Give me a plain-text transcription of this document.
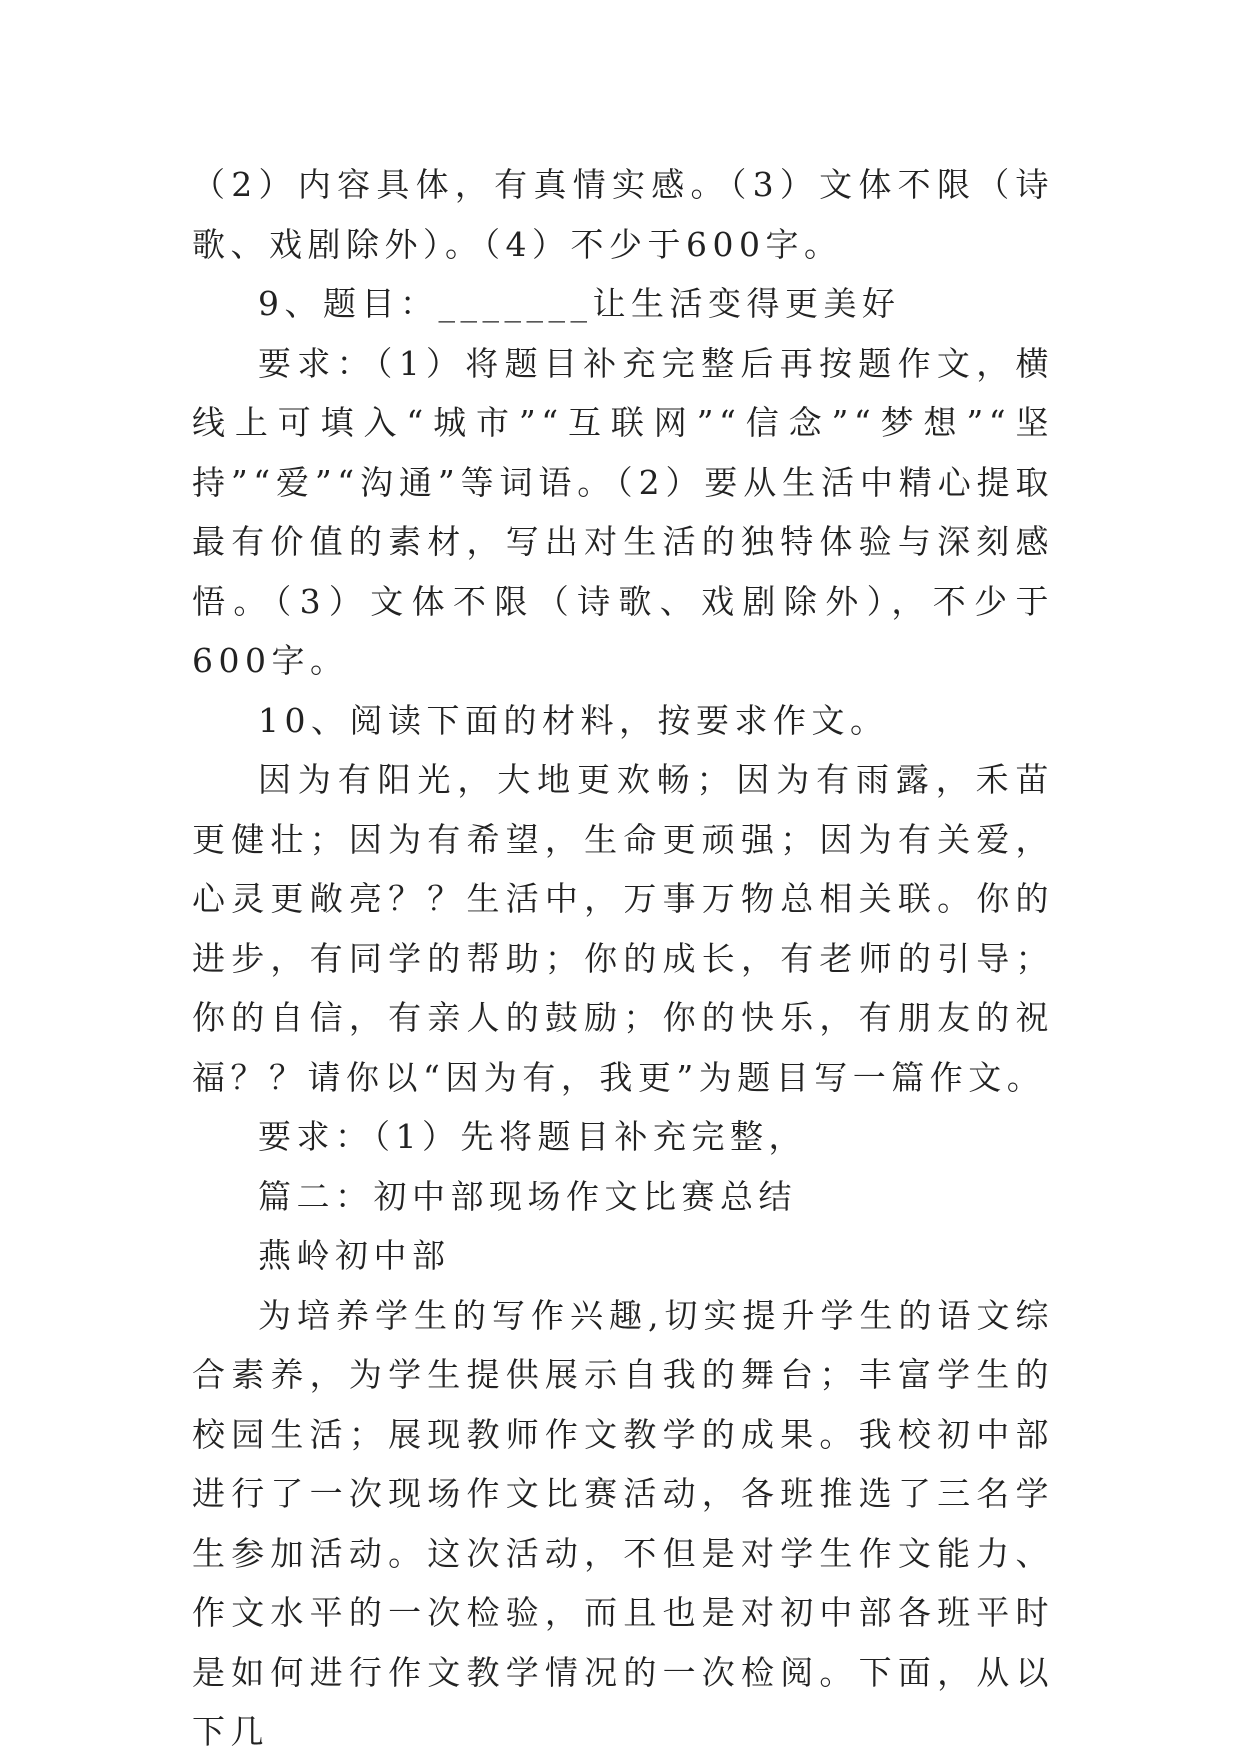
（2）内容具体，有真情实感。（3）文体不限（诗歌、戏剧除外）。（4）不少于600字。

9、题目：_______让生活变得更美好

要求：（1）将题目补充完整后再按题作文，横线上可填入“城市”“互联网”“信念”“梦想”“坚持”“爱”“沟通”等词语。（2）要从生活中精心提取最有价值的素材，写出对生活的独特体验与深刻感悟。（3）文体不限（诗歌、戏剧除外），不少于600字。

10、阅读下面的材料，按要求作文。

因为有阳光，大地更欢畅；因为有雨露，禾苗更健壮；因为有希望，生命更顽强；因为有关爱，心灵更敞亮？？生活中，万事万物总相关联。你的进步，有同学的帮助；你的成长，有老师的引导；你的自信，有亲人的鼓励；你的快乐，有朋友的祝福？？请你以“因为有，我更”为题目写一篇作文。

要求：（1）先将题目补充完整，

篇二：初中部现场作文比赛总结

燕岭初中部

为培养学生的写作兴趣,切实提升学生的语文综合素养，为学生提供展示自我的舞台；丰富学生的校园生活；展现教师作文教学的成果。我校初中部进行了一次现场作文比赛活动，各班推选了三名学生参加活动。这次活动，不但是对学生作文能力、作文水平的一次检验，而且也是对初中部各班平时是如何进行作文教学情况的一次检阅。下面，从以下几
